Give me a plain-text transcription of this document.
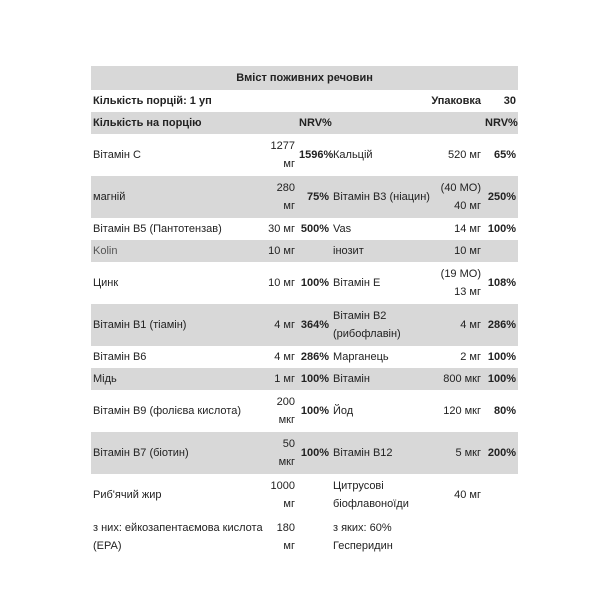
Вміст поживних речовин					
Кількість порцій: 1 уп			Упаковка		30
Кількість на порцію		NRV%			NRV%
Вітамін C	1277 мг	1596%	Кальцій	520 мг	65%
магній	280 мг	75%	Вітамін B3 (ніацин)	(40 МО) 40 мг	250%
Вітамін B5 (Пантотензав)	30 мг	500%	Vas	14 мг	100%
Kolin	10 мг		інозит	10 мг	
Цинк	10 мг	100%	Вітамін E	(19 МО) 13 мг	108%
Вітамін B1 (тіамін)	4 мг	364%	Вітамін B2 (рибофлавін)	4 мг	286%
Вітамін B6	4 мг	286%	Марганець	2 мг	100%
Мідь	1 мг	100%	Вітамін	800 мкг	100%
Вітамін B9 (фолієва кислота)	200 мкг	100%	Йод	120 мкг	80%
Вітамін B7 (біотин)	50 мкг	100%	Вітамін B12	5 мкг	200%
Риб'ячий жир	1000 мг		Цитрусові біофлавоноїди	40 мг	
з них: ейкозапентаємова кислота (EPA)	180 мг		з яких: 60% Гесперидин		
